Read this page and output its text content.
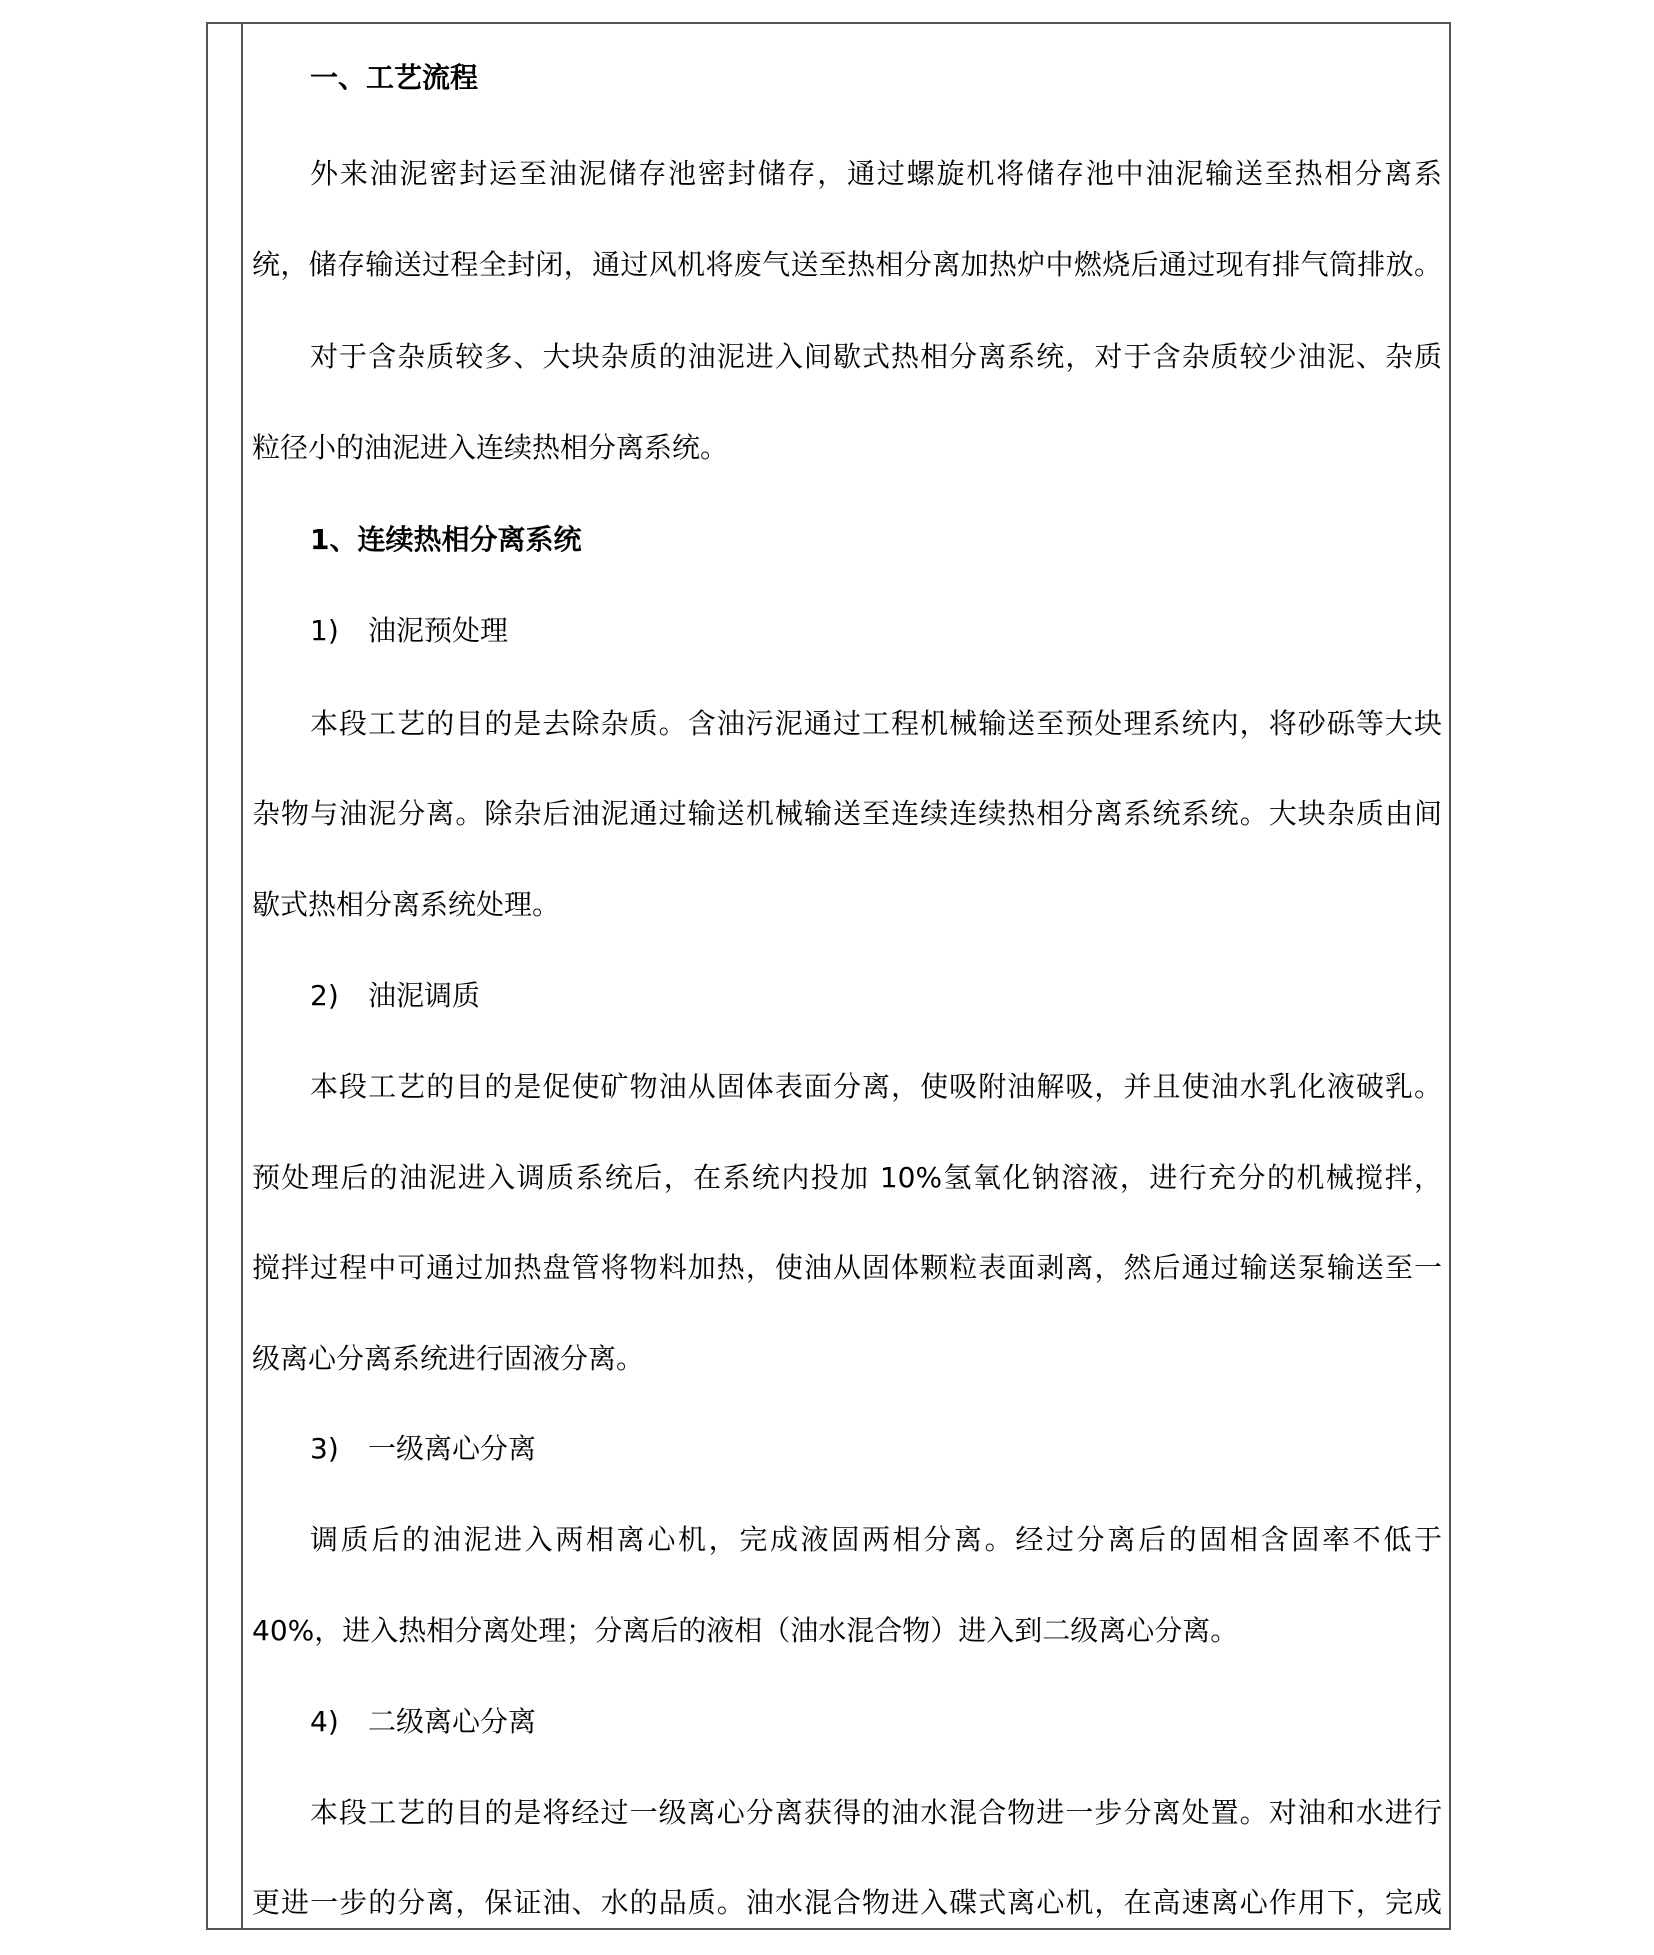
一、工艺流程
外来油泥密封运至油泥储存池密封储存，通过螺旋机将储存池中油泥输送至热相分离系
统，储存输送过程全封闭，通过风机将废气送至热相分离加热炉中燃烧后通过现有排气筒排放。
对于含杂质较多、大块杂质的油泥进入间歇式热相分离系统，对于含杂质较少油泥、杂质
粒径小的油泥进入连续热相分离系统。
1、连续热相分离系统
1) 油泥预处理
本段工艺的目的是去除杂质。含油污泥通过工程机械输送至预处理系统内，将砂砾等大块
杂物与油泥分离。除杂后油泥通过输送机械输送至连续连续热相分离系统系统。大块杂质由间
歇式热相分离系统处理。
2) 油泥调质
本段工艺的目的是促使矿物油从固体表面分离，使吸附油解吸，并且使油水乳化液破乳。
预处理后的油泥进入调质系统后，在系统内投加 10%氢氧化钠溶液，进行充分的机械搅拌，
搅拌过程中可通过加热盘管将物料加热，使油从固体颗粒表面剥离，然后通过输送泵输送至一
级离心分离系统进行固液分离。
3) 一级离心分离
调质后的油泥进入两相离心机，完成液固两相分离。经过分离后的固相含固率不低于
40%，进入热相分离处理；分离后的液相（油水混合物）进入到二级离心分离。
4) 二级离心分离
本段工艺的目的是将经过一级离心分离获得的油水混合物进一步分离处置。对油和水进行
更进一步的分离，保证油、水的品质。油水混合物进入碟式离心机，在高速离心作用下，完成
